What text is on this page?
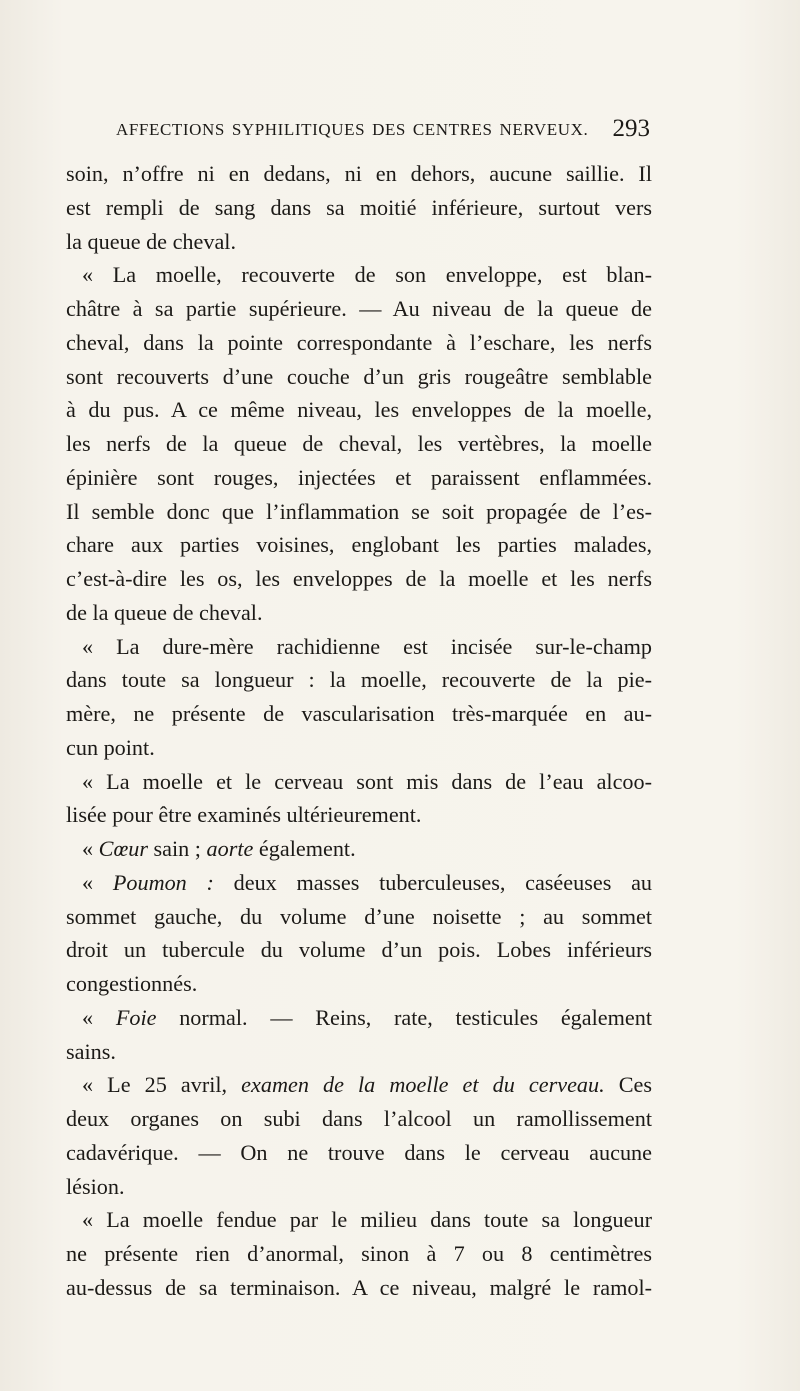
AFFECTIONS SYPHILITIQUES DES CENTRES NERVEUX. 293
soin, n’offre ni en dedans, ni en dehors, aucune saillie. Il
est rempli de sang dans sa moitié inférieure, surtout vers
la queue de cheval.
« La moelle, recouverte de son enveloppe, est blan-
châtre à sa partie supérieure. — Au niveau de la queue de
cheval, dans la pointe correspondante à l’eschare, les nerfs
sont recouverts d’une couche d’un gris rougeâtre semblable
à du pus. A ce même niveau, les enveloppes de la moelle,
les nerfs de la queue de cheval, les vertèbres, la moelle
épinière sont rouges, injectées et paraissent enflammées.
Il semble donc que l’inflammation se soit propagée de l’es-
chare aux parties voisines, englobant les parties malades,
c’est-à-dire les os, les enveloppes de la moelle et les nerfs
de la queue de cheval.
« La dure-mère rachidienne est incisée sur-le-champ
dans toute sa longueur : la moelle, recouverte de la pie-
mère, ne présente de vascularisation très-marquée en au-
cun point.
« La moelle et le cerveau sont mis dans de l’eau alcoo-
lisée pour être examinés ultérieurement.
« Cœur sain ; aorte également.
« Poumon : deux masses tuberculeuses, caséeuses au
sommet gauche, du volume d’une noisette ; au sommet
droit un tubercule du volume d’un pois. Lobes inférieurs
congestionnés.
« Foie normal. — Reins, rate, testicules également
sains.
« Le 25 avril, examen de la moelle et du cerveau. Ces
deux organes on subi dans l’alcool un ramollissement
cadavérique. — On ne trouve dans le cerveau aucune
lésion.
« La moelle fendue par le milieu dans toute sa longueur
ne présente rien d’anormal, sinon à 7 ou 8 centimètres
au-dessus de sa terminaison. A ce niveau, malgré le ramol-
